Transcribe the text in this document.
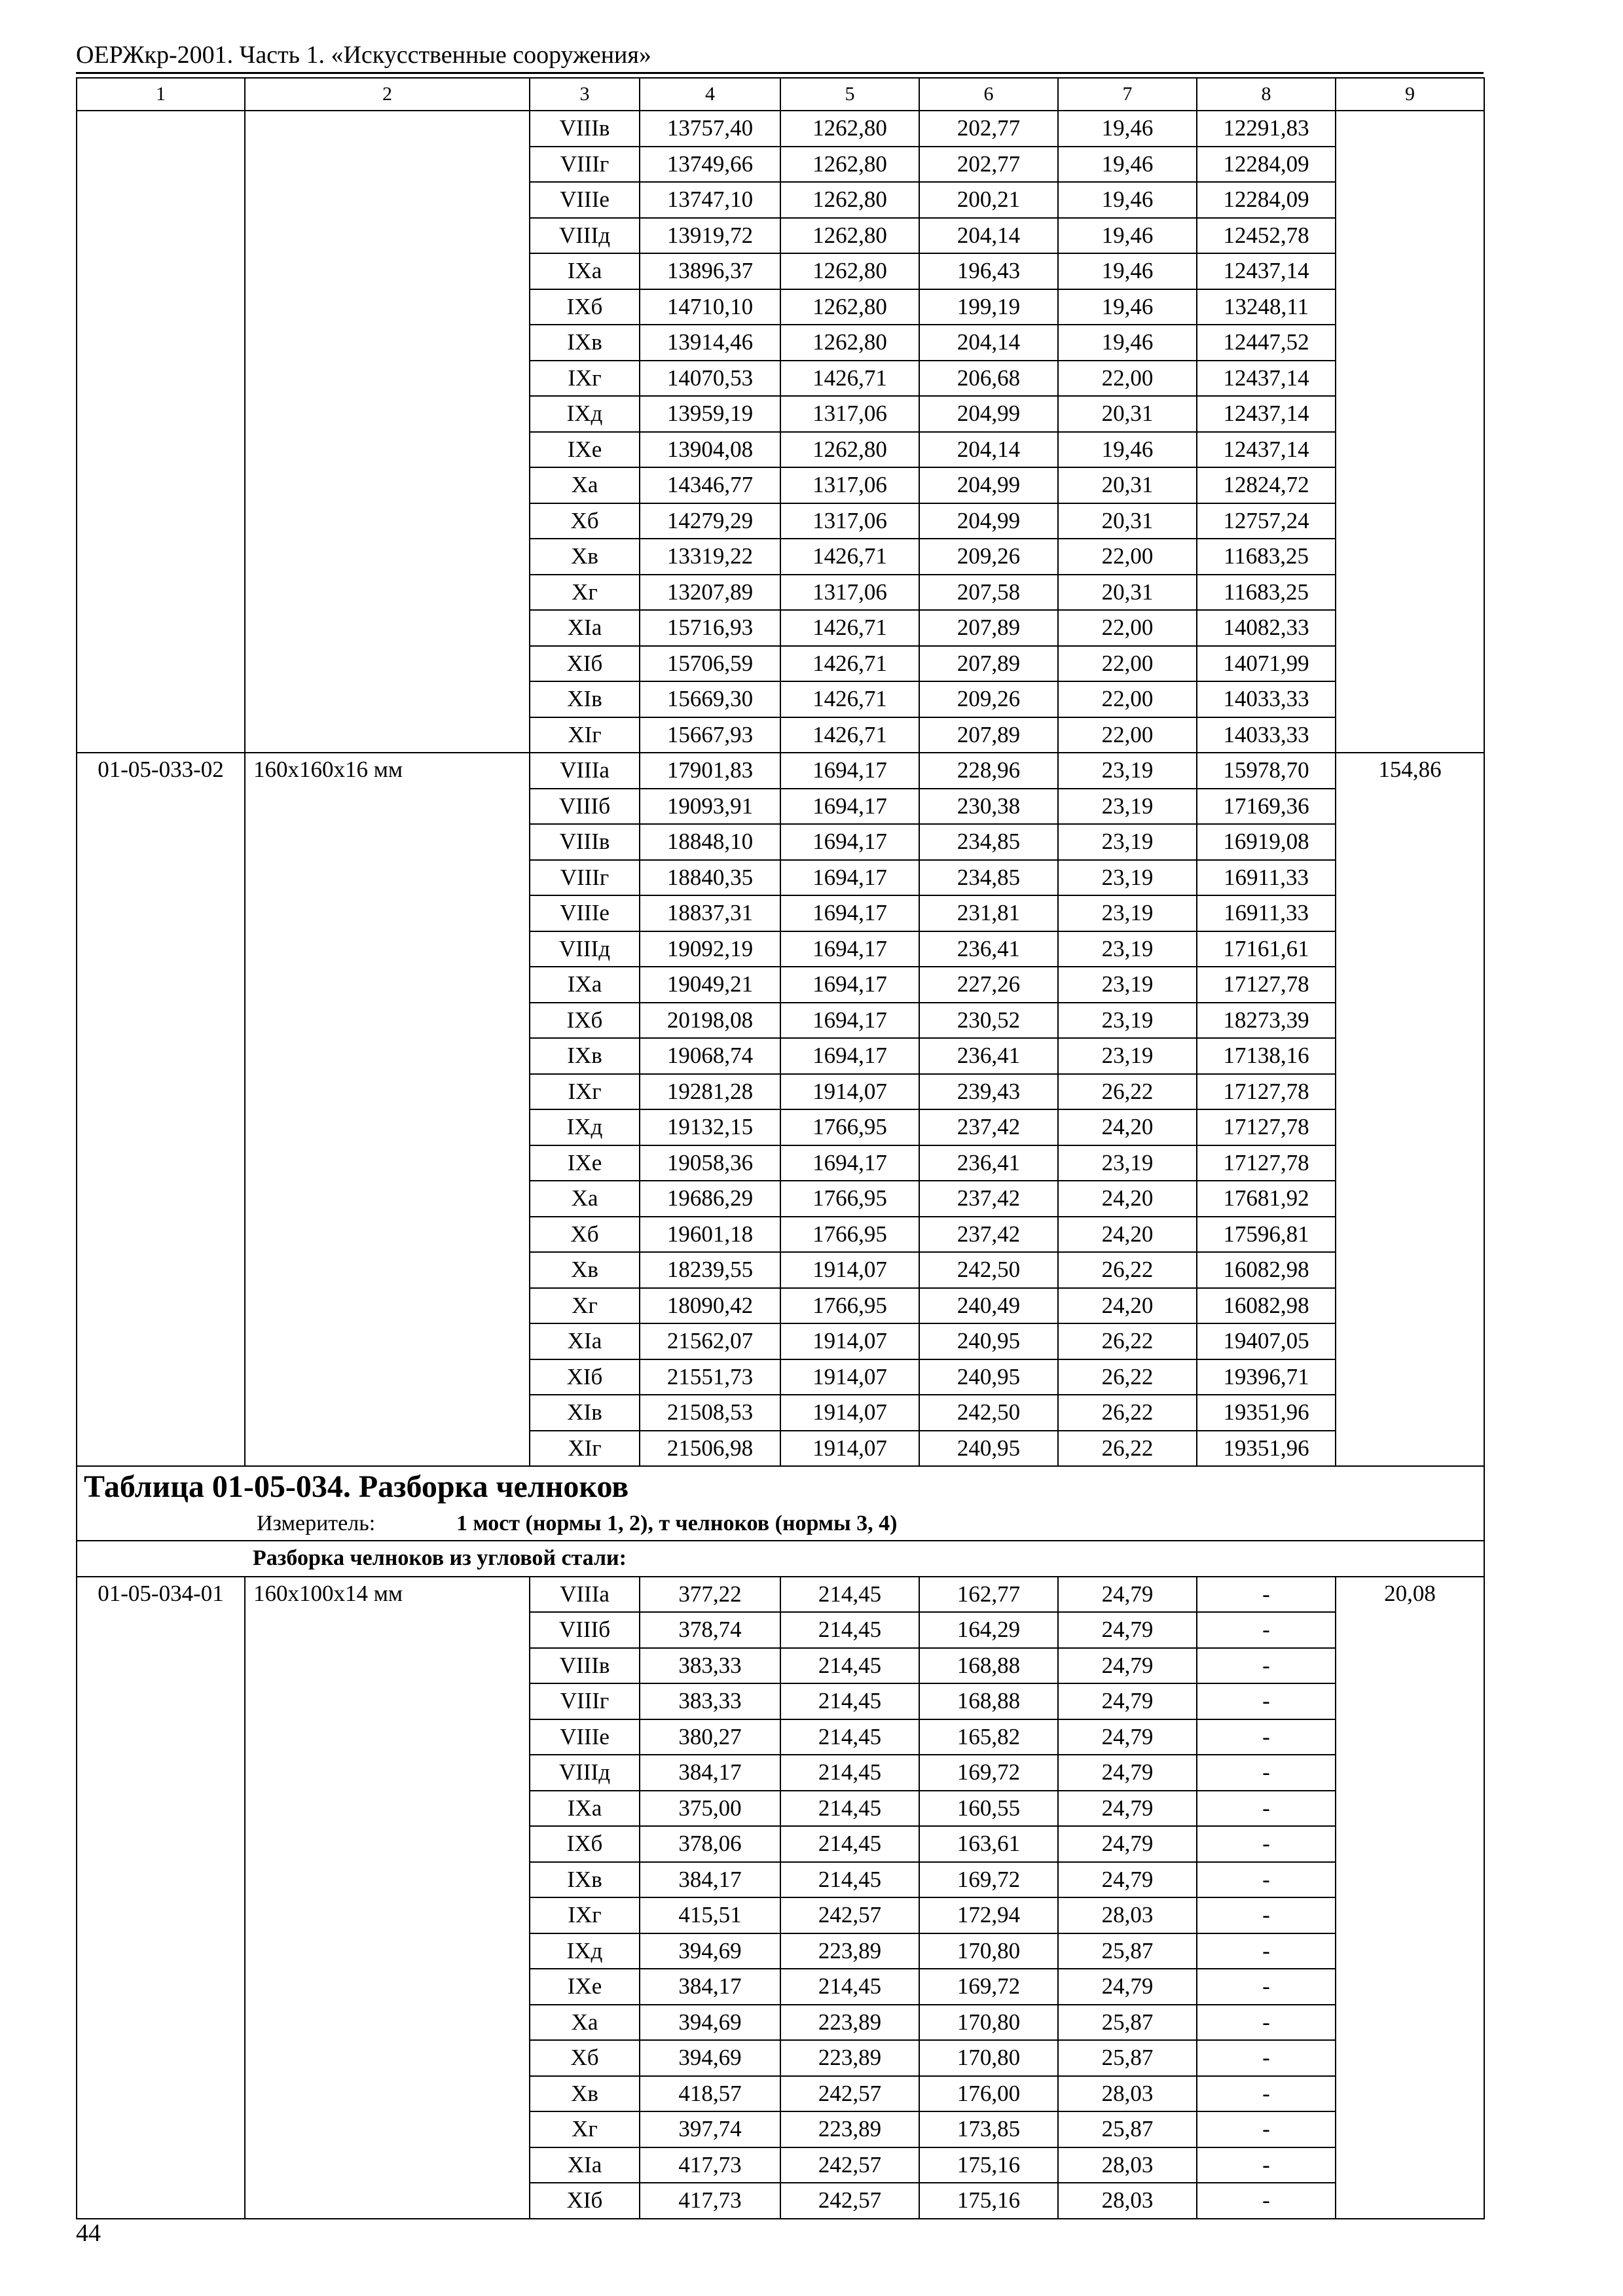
ОЕРЖкр-2001. Часть 1. «Искусственные сооружения»
1	2	3	4	5	6	7	8	9
		VIIIв	13757,40	1262,80	202,77	19,46	12291,83	
		VIIIг	13749,66	1262,80	202,77	19,46	12284,09	
		VIIIе	13747,10	1262,80	200,21	19,46	12284,09	
		VIIIд	13919,72	1262,80	204,14	19,46	12452,78	
		IXа	13896,37	1262,80	196,43	19,46	12437,14	
		IXб	14710,10	1262,80	199,19	19,46	13248,11	
		IXв	13914,46	1262,80	204,14	19,46	12447,52	
		IXг	14070,53	1426,71	206,68	22,00	12437,14	
		IXд	13959,19	1317,06	204,99	20,31	12437,14	
		IXе	13904,08	1262,80	204,14	19,46	12437,14	
		Xа	14346,77	1317,06	204,99	20,31	12824,72	
		Xб	14279,29	1317,06	204,99	20,31	12757,24	
		Xв	13319,22	1426,71	209,26	22,00	11683,25	
		Xг	13207,89	1317,06	207,58	20,31	11683,25	
		XIа	15716,93	1426,71	207,89	22,00	14082,33	
		XIб	15706,59	1426,71	207,89	22,00	14071,99	
		XIв	15669,30	1426,71	209,26	22,00	14033,33	
		XIг	15667,93	1426,71	207,89	22,00	14033,33	
01-05-033-02	160х160х16 мм	VIIIа	17901,83	1694,17	228,96	23,19	15978,70	154,86
		VIIIб	19093,91	1694,17	230,38	23,19	17169,36	
		VIIIв	18848,10	1694,17	234,85	23,19	16919,08	
		VIIIг	18840,35	1694,17	234,85	23,19	16911,33	
		VIIIе	18837,31	1694,17	231,81	23,19	16911,33	
		VIIIд	19092,19	1694,17	236,41	23,19	17161,61	
		IXа	19049,21	1694,17	227,26	23,19	17127,78	
		IXб	20198,08	1694,17	230,52	23,19	18273,39	
		IXв	19068,74	1694,17	236,41	23,19	17138,16	
		IXг	19281,28	1914,07	239,43	26,22	17127,78	
		IXд	19132,15	1766,95	237,42	24,20	17127,78	
		IXе	19058,36	1694,17	236,41	23,19	17127,78	
		Xа	19686,29	1766,95	237,42	24,20	17681,92	
		Xб	19601,18	1766,95	237,42	24,20	17596,81	
		Xв	18239,55	1914,07	242,50	26,22	16082,98	
		Xг	18090,42	1766,95	240,49	24,20	16082,98	
		XIа	21562,07	1914,07	240,95	26,22	19407,05	
		XIб	21551,73	1914,07	240,95	26,22	19396,71	
		XIв	21508,53	1914,07	242,50	26,22	19351,96	
		XIг	21506,98	1914,07	240,95	26,22	19351,96	
Таблица 01-05-034. Разборка челноков								
Измеритель: 1 мост (нормы 1, 2), т челноков (нормы 3, 4)								
	Разборка челноков из угловой стали:							
01-05-034-01	160х100х14 мм	VIIIа	377,22	214,45	162,77	24,79	-	20,08
		VIIIб	378,74	214,45	164,29	24,79	-	
		VIIIв	383,33	214,45	168,88	24,79	-	
		VIIIг	383,33	214,45	168,88	24,79	-	
		VIIIе	380,27	214,45	165,82	24,79	-	
		VIIIд	384,17	214,45	169,72	24,79	-	
		IXа	375,00	214,45	160,55	24,79	-	
		IXб	378,06	214,45	163,61	24,79	-	
		IXв	384,17	214,45	169,72	24,79	-	
		IXг	415,51	242,57	172,94	28,03	-	
		IXд	394,69	223,89	170,80	25,87	-	
		IXе	384,17	214,45	169,72	24,79	-	
		Xа	394,69	223,89	170,80	25,87	-	
		Xб	394,69	223,89	170,80	25,87	-	
		Xв	418,57	242,57	176,00	28,03	-	
		Xг	397,74	223,89	173,85	25,87	-	
		XIа	417,73	242,57	175,16	28,03	-	
		XIб	417,73	242,57	175,16	28,03	-	
44
